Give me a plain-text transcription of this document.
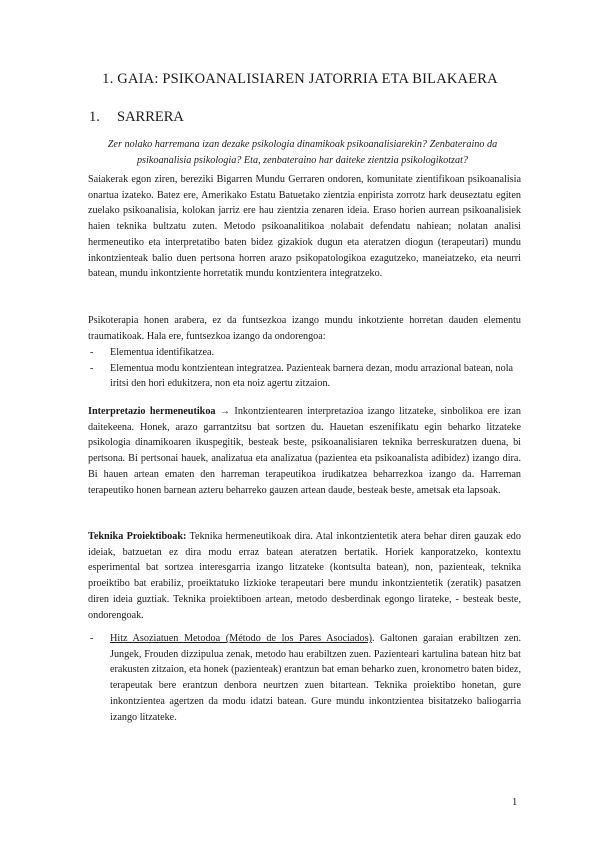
1. GAIA: PSIKOANALISIAREN JATORRIA ETA BILAKAERA
1. SARRERA
Zer nolako harremana izan dezake psikologia dinamikoak psikoanalisiarekin? Zenbateraino da psikoanalisia psikologia? Eta, zenbateraino har daiteke zientzia psikologikotzat?

Saiakerak egon ziren, bereziki Bigarren Mundu Gerraren ondoren, komunitate zientifikoan psikoanalisia onartua izateko. Batez ere, Amerikako Estatu Batuetako zientzia enpirista zorrotz hark deuseztatu egiten zuelako psikoanalisia, kolokan jarriz ere hau zientzia zenaren ideia. Eraso horien aurrean psikoanalisiek haien teknika bultzatu zuten. Metodo psikoanalitikoa nolabait defendatu nahiean; nolatan analisi hermeneutiko eta interpretatibo baten bidez gizakiok dugun eta ateratzen diogun (terapeutari) mundu inkontzienteak balio duen pertsona horren arazo psikopatologikoa ezagutzeko, maneiatzeko, eta neurri batean, mundu inkontziente horretatik mundu kontzientera integratzeko.

Psikoterapia honen arabera, ez da funtsezkoa izango mundu inkotziente horretan dauden elementu traumatikoak. Hala ere, funtsezkoa izango da ondorengoa:

- Elementua identifikatzea.
- Elementua modu kontzientean integratzea. Pazienteak barnera dezan, modu arrazional batean, nola iritsi den hori edukitzera, non eta noiz agertu zitzaion.

Interpretazio hermeneutikoa → Inkontzientearen interpretazioa izango litzateke, sinbolikoa ere izan daitekeena. Honek, arazo garrantzitsu bat sortzen du. Hauetan eszenifikatu egin beharko litzateke psikologia dinamikoaren ikuspegitik, besteak beste, psikoanalisiaren teknika berreskuratzen duena, bi pertsona. Bi pertsonai hauek, analizatua eta analizatua (pazientea eta psikoanalista adibidez) izango dira. Bi hauen artean ematen den harreman terapeutikoa irudikatzea beharrezkoa izango da. Harreman terapeutiko honen barnean azteru beharreko gauzen artean daude, besteak beste, ametsak eta lapsoak.

Teknika Proiektiboak: Teknika hermeneutikoak dira. Atal inkontzientetik atera behar diren gauzak edo ideiak, batzuetan ez dira modu erraz batean ateratzen bertatik. Horiek kanporatzeko, kontextu esperimental bat sortzea interesgarria izango litzateke (kontsulta batean), non, pazienteak, teknika proeiktibo bat erabiliz, proeiktatuko lizkioke terapeutari bere mundu inkontzientetik (zeratik) pasatzen diren ideia guztiak. Teknika proiektiboen artean, metodo desberdinak egongo lirateke, - besteak beste, ondorengoak.

- Hitz Asoziatuen Metodoa (Método de los Pares Asociados). Galtonen garaian erabiltzen zen. Jungek, Frouden dizzipulua zenak, metodo hau erabiltzen zuen. Pazienteari kartulina batean hitz bat erakusten zitzaion, eta honek (pazienteak) erantzun bat eman beharko zuen, kronometro baten bidez, terapeutak bere erantzun denbora neurtzen zuen bitartean. Teknika proiektibo honetan, gure inkontzientea agertzen da modu idatzi batean. Gure mundu inkontzientea bisitatzeko baliogarria izango litzateke.

1
